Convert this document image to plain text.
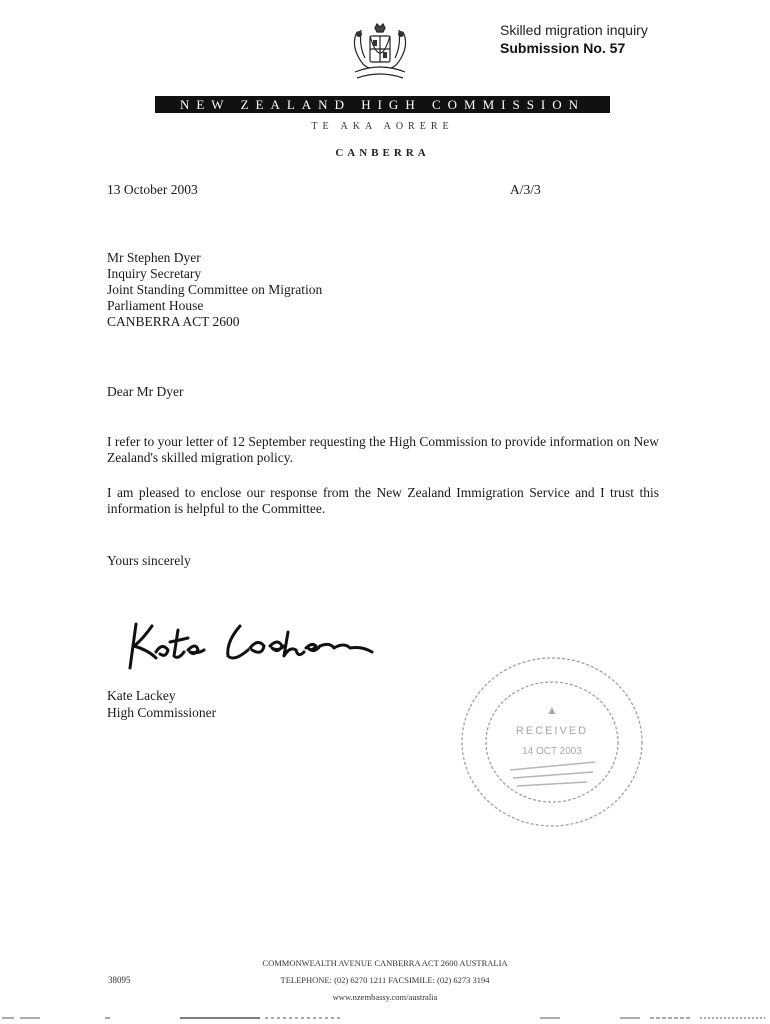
Skilled migration inquiry
Submission No. 57
NEW ZEALAND HIGH COMMISSION
TE AKA AORERE
CANBERRA
13 October 2003	A/3/3
Mr Stephen Dyer
Inquiry Secretary
Joint Standing Committee on Migration
Parliament House
CANBERRA ACT 2600
Dear Mr Dyer
I refer to your letter of 12 September requesting the High Commission to provide information on New Zealand's skilled migration policy.
I am pleased to enclose our response from the New Zealand Immigration Service and I trust this information is helpful to the Committee.
Yours sincerely
Kate Lackey
High Commissioner	▲
RECEIVED
14 OCT 2003
COMMONWEALTH AVENUE CANBERRA ACT 2600 AUSTRALIA
TELEPHONE: (02) 6270 1211 FACSIMILE: (02) 6273 3194
www.nzembassy.com/australia
38095
